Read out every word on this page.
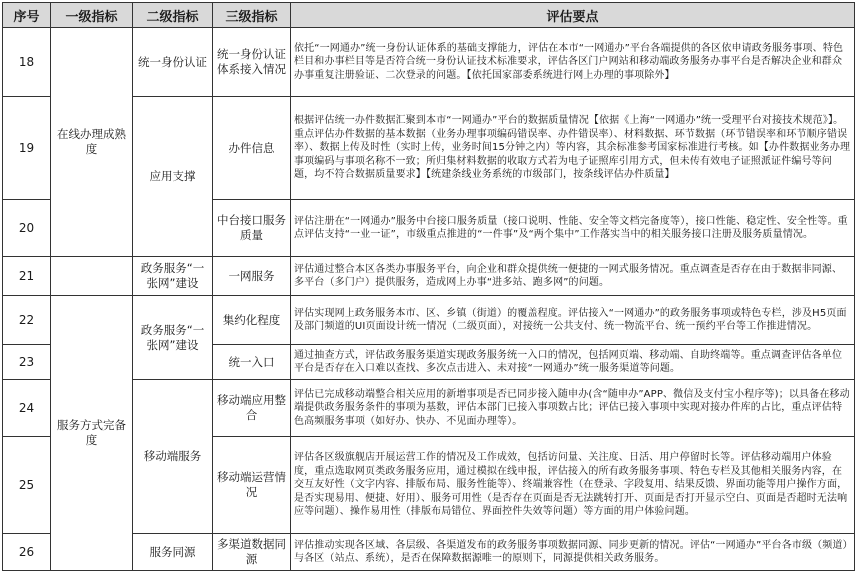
序号	一级指标	二级指标	三级指标	评估要点
18	在线办理成熟度	统一身份认证	统一身份认证体系接入情况	依托“一网通办”统一身份认证体系的基础支撑能力，评估在本市“一网通办”平台各端提供的各区依申请政务服务事项、特色栏目和办事栏目等是否符合统一身份认证技术标准要求，评估各区门户网站和移动端政务服务办事平台是否解决企业和群众办事重复注册验证、二次登录的问题。【依托国家部委系统进行网上办理的事项除外】
19		应用支撑	办件信息	根据评估统一办件数据汇聚到本市“一网通办”平台的数据质量情况【依据《上海“一网通办”统一受理平台对接技术规范》】。重点评估办件数据的基本数据（业务办理事项编码错误率、办件错误率）、材料数据、环节数据（环节错误率和环节顺序错误率）、数据上传及时性（实时上传，业务时间15分钟之内）等内容，其余标准参考国家标准进行考核。如【办件数据业务办理事项编码与事项名称不一致；所归集材料数据的收取方式若为电子证照库引用方式，但未传有效电子证照派证件编号等问题，均不符合数据质量要求】【统建条线业务系统的市级部门，按条线评估办件质量】
20			中台接口服务质量	评估注册在“一网通办”服务中台接口服务质量（接口说明、性能、安全等文档完备度等），接口性能、稳定性、安全性等。重点评估支持“一业一证”，市级重点推进的“一件事”及“两个集中”工作落实当中的相关服务接口注册及服务质量情况。
21		政务服务“一张网”建设	一网服务	评估通过整合本区各类办事服务平台，向企业和群众提供统一便捷的一网式服务情况。重点调查是否存在由于数据非同源、多平台（多门户）提供服务，造成网上办事“进多站、跑多网”的问题。
22	服务方式完备度	政务服务“一张网”建设	集约化程度	评估实现网上政务服务本市、区、乡镇（街道）的覆盖程度。评估接入“一网通办”的政务服务事项或特色专栏，涉及H5页面及部门频道的UI页面设计统一情况（二级页面），对接统一公共支付、统一物流平台、统一预约平台等工作推进情况。
23			统一入口	通过抽查方式，评估政务服务渠道实现政务服务统一入口的情况，包括网页端、移动端、自助终端等。重点调查评估各单位平台是否存在入口难以查找、多次点击进入、未对接“一网通办”统一服务渠道等问题。
24		移动端服务	移动端应用整合	评估已完成移动端整合相关应用的新增事项是否已同步接入随申办(含“随申办”APP、微信及支付宝小程序等)；以具备在移动端提供政务服务条件的事项为基数，评估本部门已接入事项数占比；评估已接入事项中实现对接办件库的占比，重点评估特色高频服务事项（如好办、快办、不见面办理等）。
25			移动端运营情况	评估各区级旗舰店开展运营工作的情况及工作成效，包括访问量、关注度、日活、用户停留时长等。评估移动端用户体验度，重点选取网页类政务服务应用，通过模拟在线申报，评估接入的所有政务服务事项、特色专栏及其他相关服务内容，在交互友好性（文字内容、排版布局、服务性能等）、终端兼容性（在登录、字段复用、结果反馈、界面功能等用户操作方面，是否实现易用、便捷、好用）、服务可用性（是否存在页面是否无法跳转打开、页面是否打开显示空白、页面是否超时无法响应等问题）、操作易用性（排版布局错位、界面控件失效等问题）等方面的用户体验问题。
26		服务同源	多渠道数据同源	评估推动实现各区域、各层级、各渠道发布的政务服务事项数据同源、同步更新的情况。评估“一网通办”平台各市级（频道）与各区（站点、系统），是否在保障数据源唯一的原则下，同源提供相关政务服务。
